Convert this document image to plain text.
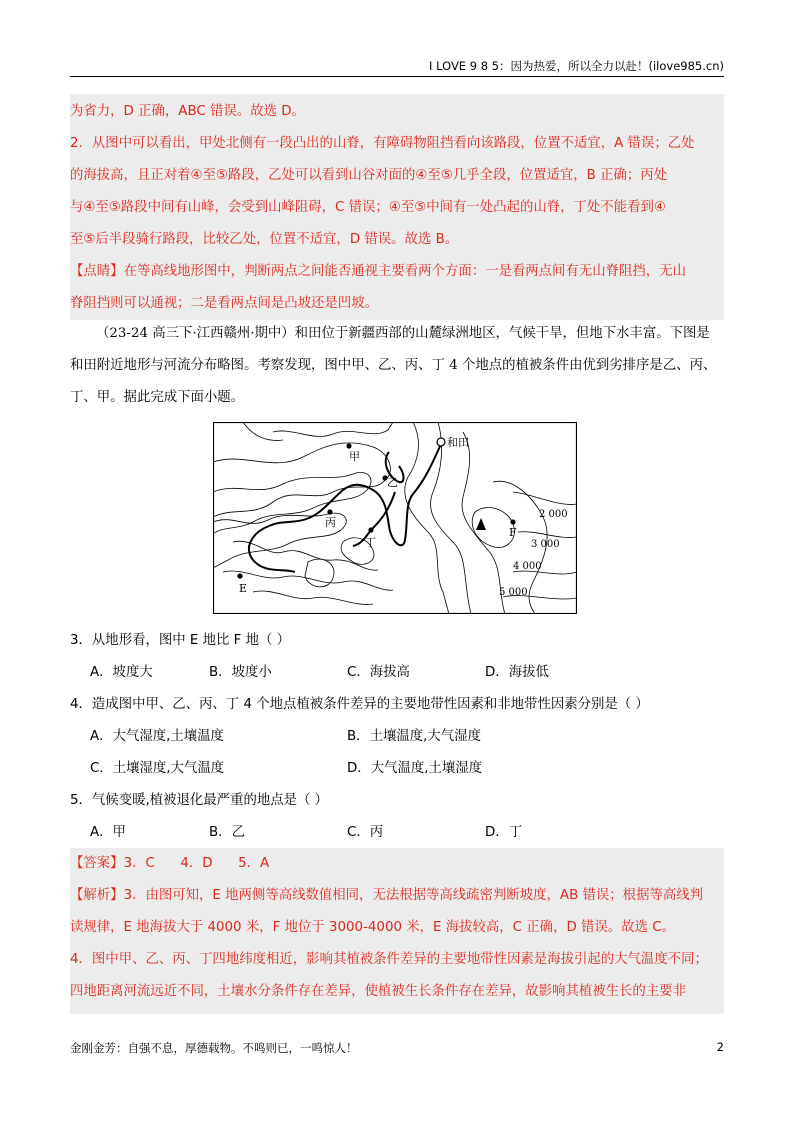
I LOVE 9 8 5：因为热爱，所以全力以赴！(ilove985.cn)

为省力，D 正确，ABC 错误。故选 D。

2．从图中可以看出，甲处北侧有一段凸出的山脊，有障碍物阻挡看向该路段，位置不适宜，A 错误；乙处

的海拔高，且正对着④至⑤路段，乙处可以看到山谷对面的④至⑤几乎全段，位置适宜，B 正确；丙处

与④至⑤路段中间有山峰，会受到山峰阻碍，C 错误；④至⑤中间有一处凸起的山脊，丁处不能看到④

至⑤后半段骑行路段，比较乙处，位置不适宜，D 错误。故选 B。

【点睛】在等高线地形图中，判断两点之间能否通视主要看两个方面：一是看两点间有无山脊阻挡，无山

脊阻挡则可以通视；二是看两点间是凸坡还是凹坡。

（23-24 高三下·江西赣州·期中）和田位于新疆西部的山麓绿洲地区，气候干旱，但地下水丰富。下图是
和田附近地形与河流分布略图。考察发现，图中甲、乙、丙、丁 4 个地点的植被条件由优到劣排序是乙、丙、
丁、甲。据此完成下面小题。
和田
甲
乙
丙
丁
E
F
2 000
3 000
4 000
5 000
3．从地形看，图中 E 地比 F 地（ ）
A．坡度大	B．坡度小	C．海拔高	D．海拔低
4．造成图中甲、乙、丙、丁 4 个地点植被条件差异的主要地带性因素和非地带性因素分别是（ ）
A．大气湿度,土壤温度	B．土壤温度,大气湿度
C．土壤湿度,大气温度	D．大气温度,土壤湿度
5．气候变暖,植被退化最严重的地点是（ ）
A．甲	B．乙	C．丙	D．丁

【答案】3．C      4．D      5．A

【解析】3．由图可知，E 地两侧等高线数值相同，无法根据等高线疏密判断坡度，AB 错误；根据等高线判

读规律，E 地海拔大于 4000 米，F 地位于 3000-4000 米，E 海拔较高，C 正确，D 错误。故选 C。

4．图中甲、乙、丙、丁四地纬度相近，影响其植被条件差异的主要地带性因素是海拔引起的大气温度不同；

四地距离河流远近不同，土壤水分条件存在差异，使植被生长条件存在差异，故影响其植被生长的主要非

金刚金芳：自强不息，厚德载物。不鸣则已，一鸣惊人！	2
